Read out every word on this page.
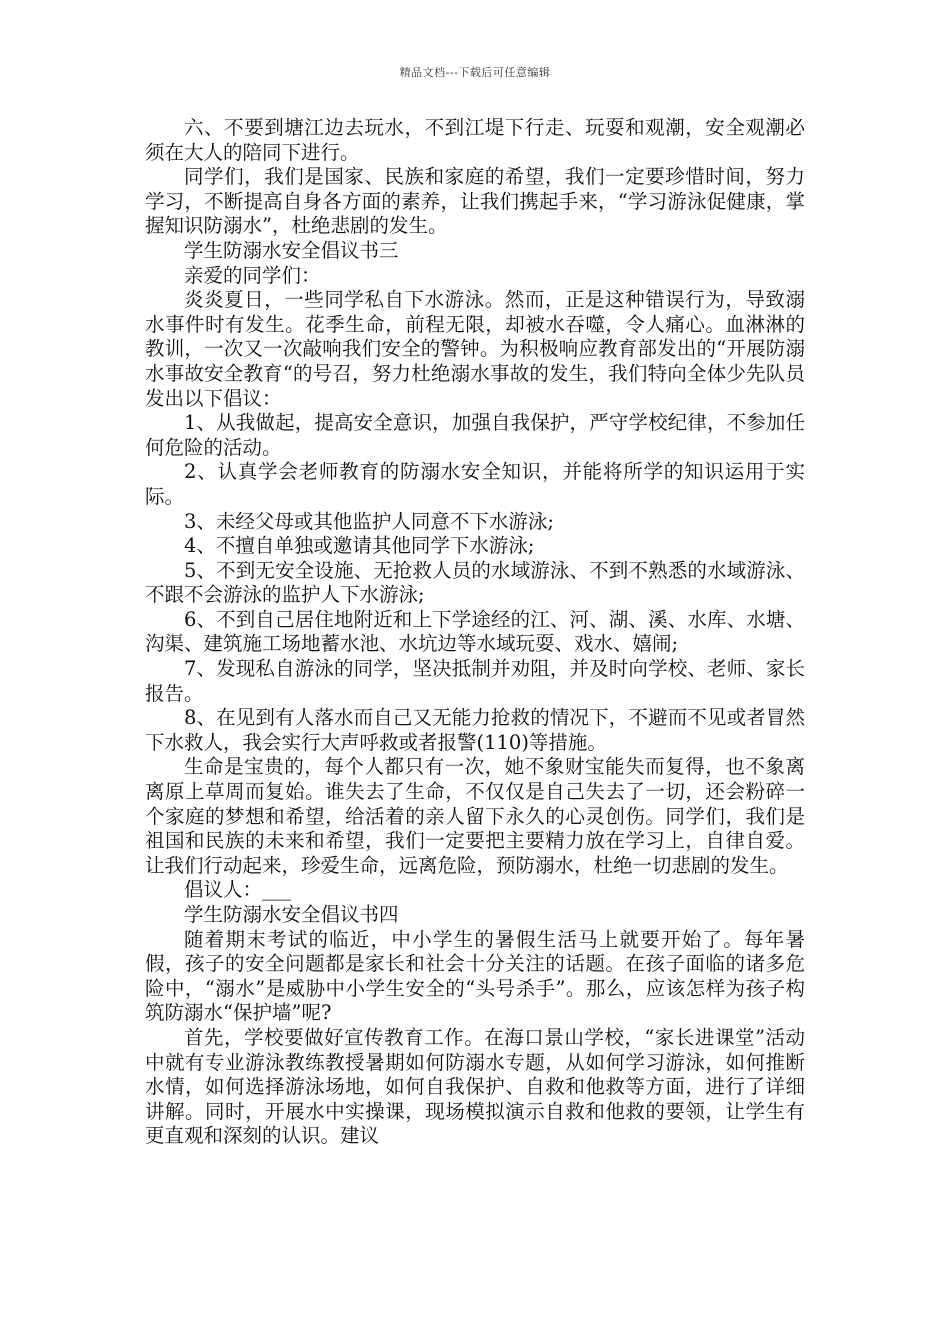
精品文档---下载后可任意编辑

六、不要到塘江边去玩水，不到江堤下行走、玩耍和观潮，安全观潮必须在大人的陪同下进行。

同学们，我们是国家、民族和家庭的希望，我们一定要珍惜时间，努力学习，不断提高自身各方面的素养，让我们携起手来，“学习游泳促健康，掌握知识防溺水”，杜绝悲剧的发生。

学生防溺水安全倡议书三

亲爱的同学们：

炎炎夏日，一些同学私自下水游泳。然而，正是这种错误行为，导致溺水事件时有发生。花季生命，前程无限，却被水吞噬，令人痛心。血淋淋的教训，一次又一次敲响我们安全的警钟。为积极响应教育部发出的“开展防溺水事故安全教育“的号召，努力杜绝溺水事故的发生，我们特向全体少先队员发出以下倡议：

1、从我做起，提高安全意识，加强自我保护，严守学校纪律，不参加任何危险的活动。

2、认真学会老师教育的防溺水安全知识，并能将所学的知识运用于实际。

3、未经父母或其他监护人同意不下水游泳;

4、不擅自单独或邀请其他同学下水游泳;

5、不到无安全设施、无抢救人员的水域游泳、不到不熟悉的水域游泳、不跟不会游泳的监护人下水游泳;

6、不到自己居住地附近和上下学途经的江、河、湖、溪、水库、水塘、沟渠、建筑施工场地蓄水池、水坑边等水域玩耍、戏水、嬉闹;

7、发现私自游泳的同学，坚决抵制并劝阻，并及时向学校、老师、家长报告。

8、在见到有人落水而自己又无能力抢救的情况下，不避而不见或者冒然下水救人，我会实行大声呼救或者报警(110)等措施。

生命是宝贵的，每个人都只有一次，她不象财宝能失而复得，也不象离离原上草周而复始。谁失去了生命，不仅仅是自己失去了一切，还会粉碎一个家庭的梦想和希望，给活着的亲人留下永久的心灵创伤。同学们，我们是祖国和民族的未来和希望，我们一定要把主要精力放在学习上，自律自爱。让我们行动起来，珍爱生命，远离危险，预防溺水，杜绝一切悲剧的发生。

倡议人：___

学生防溺水安全倡议书四

随着期末考试的临近，中小学生的暑假生活马上就要开始了。每年暑假，孩子的安全问题都是家长和社会十分关注的话题。在孩子面临的诸多危险中，“溺水”是威胁中小学生安全的“头号杀手”。那么，应该怎样为孩子构筑防溺水“保护墙”呢?

首先，学校要做好宣传教育工作。在海口景山学校，“家长进课堂”活动中就有专业游泳教练教授暑期如何防溺水专题，从如何学习游泳，如何推断水情，如何选择游泳场地，如何自我保护、自救和他救等方面，进行了详细讲解。同时，开展水中实操课，现场模拟演示自救和他救的要领，让学生有更直观和深刻的认识。建议
